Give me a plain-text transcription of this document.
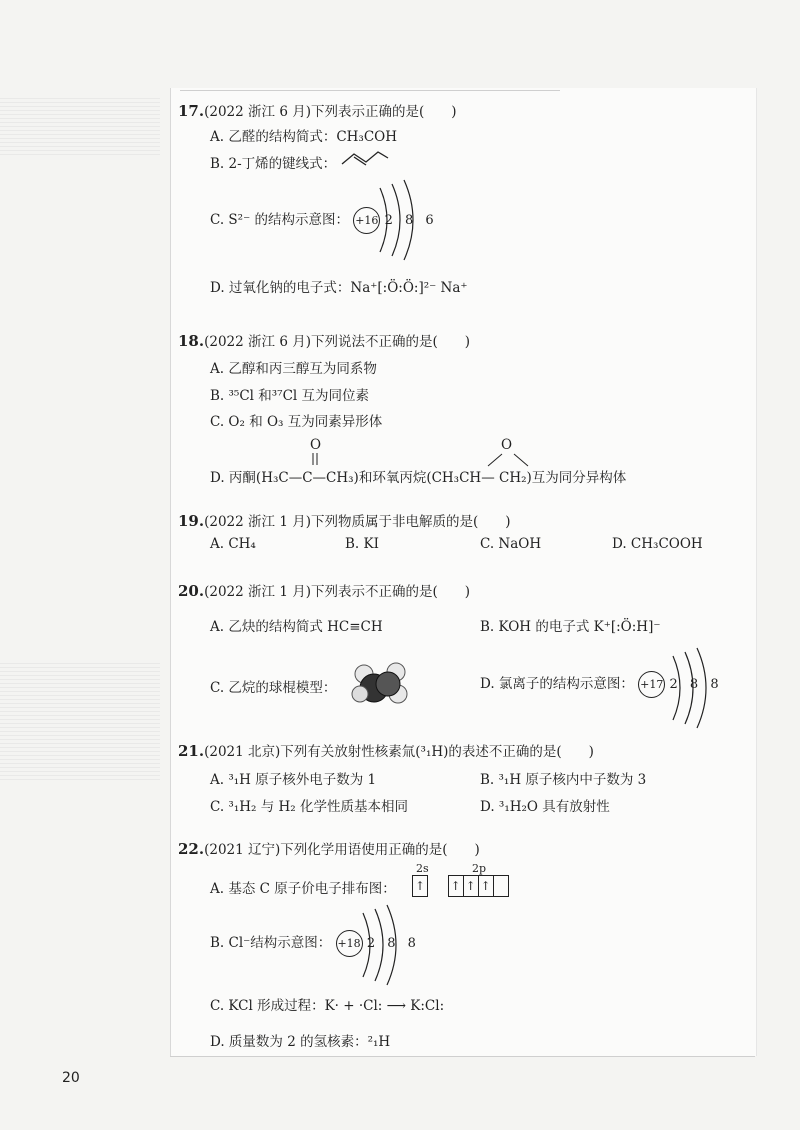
17.(2022 浙江 6 月)下列表示正确的是(　　)
A. 乙醛的结构简式：CH₃COH
B. 2-丁烯的键线式：
C. S²⁻ 的结构示意图： +16 2 8 6
D. 过氧化钠的电子式：Na⁺[:Ö:Ö:]²⁻ Na⁺
18.(2022 浙江 6 月)下列说法不正确的是(　　)
A. 乙醇和丙三醇互为同系物
B. ³⁵Cl 和³⁷Cl 互为同位素
C. O₂ 和 O₃ 互为同素异形体
O	O
D. 丙酮(H₃C—C—CH₃)和环氧丙烷(CH₃CH— CH₂)互为同分异构体
19.(2022 浙江 1 月)下列物质属于非电解质的是(　　)
A. CH₄	B. KI	C. NaOH	D. CH₃COOH
20.(2022 浙江 1 月)下列表示不正确的是(　　)
A. 乙炔的结构简式 HC≡CH	B. KOH 的电子式 K⁺[:Ö:H]⁻
C. 乙烷的球棍模型：	D. 氯离子的结构示意图： +17 2 8 8
21.(2021 北京)下列有关放射性核素氚(³₁H)的表述不正确的是(　　)
A. ³₁H 原子核外电子数为 1	B. ³₁H 原子核内中子数为 3
C. ³₁H₂ 与 H₂ 化学性质基本相同	D. ³₁H₂O 具有放射性
22.(2021 辽宁)下列化学用语使用正确的是(　　)
A. 基态 C 原子价电子排布图：
2s	2p
↑ ↑ ↑ ↑
B. Cl⁻结构示意图： +18 2 8 8
C. KCl 形成过程：K· + ·Cl: ⟶ K:Cl:
D. 质量数为 2 的氢核素：²₁H
20
